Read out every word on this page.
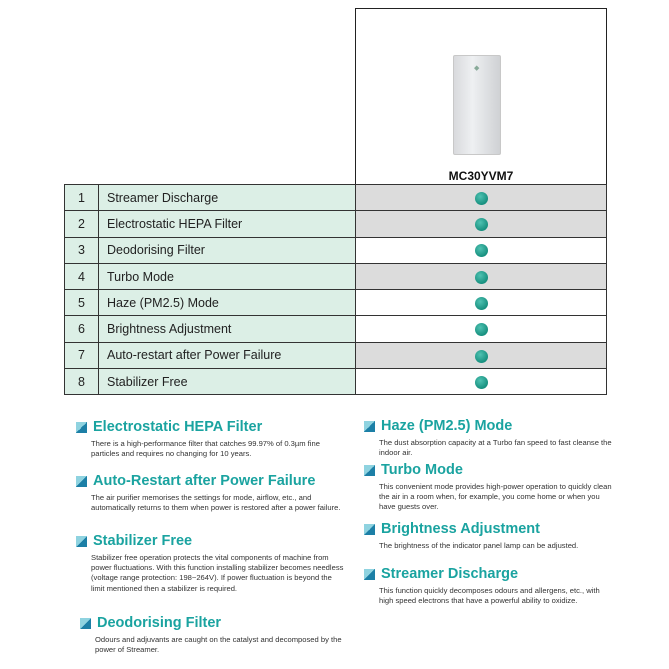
◆
MC30YVM7
1	Streamer Discharge	
2	Electrostatic HEPA Filter	
3	Deodorising Filter	
4	Turbo Mode	
5	Haze (PM2.5) Mode	
6	Brightness Adjustment	
7	Auto-restart after Power Failure	
8	Stabilizer Free	
Electrostatic HEPA Filter

There is a high-performance filter that catches 99.97% of 0.3µm fine particles and requires no changing for 10 years.

Auto-Restart after Power Failure

The air purifier memorises the settings for mode, airflow, etc., and automatically returns to them when power is restored after a power failure.

Stabilizer Free

Stabilizer free operation protects the vital components of machine from power fluctuations. With this function installing stabilizer becomes needless (voltage range protection: 198~264V). If power fluctuation is beyond the limit mentioned then a stabilizer is required.

Deodorising Filter

Odours and adjuvants are caught on the catalyst and decomposed by the power of Streamer.

Haze (PM2.5) Mode

The dust absorption capacity at a Turbo fan speed to fast cleanse the indoor air.

Turbo Mode

This convenient mode provides high-power operation to quickly clean the air in a room when, for example, you come home or when you have guests over.

Brightness Adjustment

The brightness of the indicator panel lamp can be adjusted.

Streamer Discharge

This function quickly decomposes odours and allergens, etc., with high speed electrons that have a powerful ability to oxidize.
